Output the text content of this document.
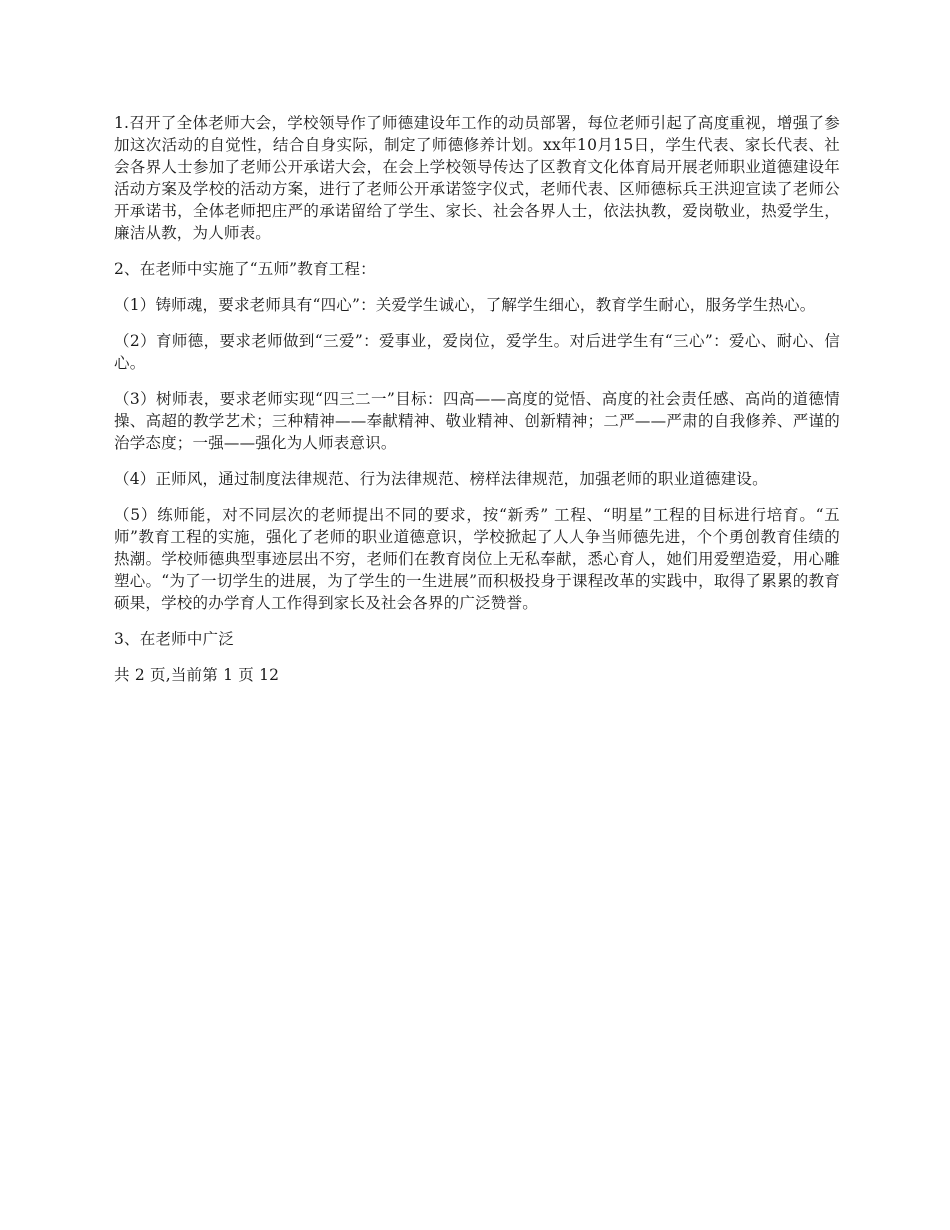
1.召开了全体老师大会，学校领导作了师德建设年工作的动员部署，每位老师引起了高度重视，增强了参加这次活动的自觉性，结合自身实际，制定了师德修养计划。xx年10月15日，学生代表、家长代表、社会各界人士参加了老师公开承诺大会，在会上学校领导传达了区教育文化体育局开展老师职业道德建设年活动方案及学校的活动方案，进行了老师公开承诺签字仪式，老师代表、区师德标兵王洪迎宣读了老师公开承诺书，全体老师把庄严的承诺留给了学生、家长、社会各界人士，依法执教，爱岗敬业，热爱学生，廉洁从教，为人师表。

2、在老师中实施了“五师”教育工程：

（1）铸师魂，要求老师具有“四心”：关爱学生诚心，了解学生细心，教育学生耐心，服务学生热心。

（2）育师德，要求老师做到“三爱”：爱事业，爱岗位，爱学生。对后进学生有“三心”：爱心、耐心、信心。

（3）树师表，要求老师实现“四三二一”目标：四高——高度的觉悟、高度的社会责任感、高尚的道德情操、高超的教学艺术；三种精神——奉献精神、敬业精神、创新精神；二严——严肃的自我修养、严谨的治学态度；一强——强化为人师表意识。

（4）正师风，通过制度法律规范、行为法律规范、榜样法律规范，加强老师的职业道德建设。

（5）练师能，对不同层次的老师提出不同的要求，按“新秀” 工程、“明星”工程的目标进行培育。“五师”教育工程的实施，强化了老师的职业道德意识，学校掀起了人人争当师德先进，个个勇创教育佳绩的热潮。学校师德典型事迹层出不穷，老师们在教育岗位上无私奉献，悉心育人，她们用爱塑造爱，用心雕塑心。“为了一切学生的进展，为了学生的一生进展”而积极投身于课程改革的实践中，取得了累累的教育硕果，学校的办学育人工作得到家长及社会各界的广泛赞誉。

3、在老师中广泛

共 2 页,当前第 1 页 12
